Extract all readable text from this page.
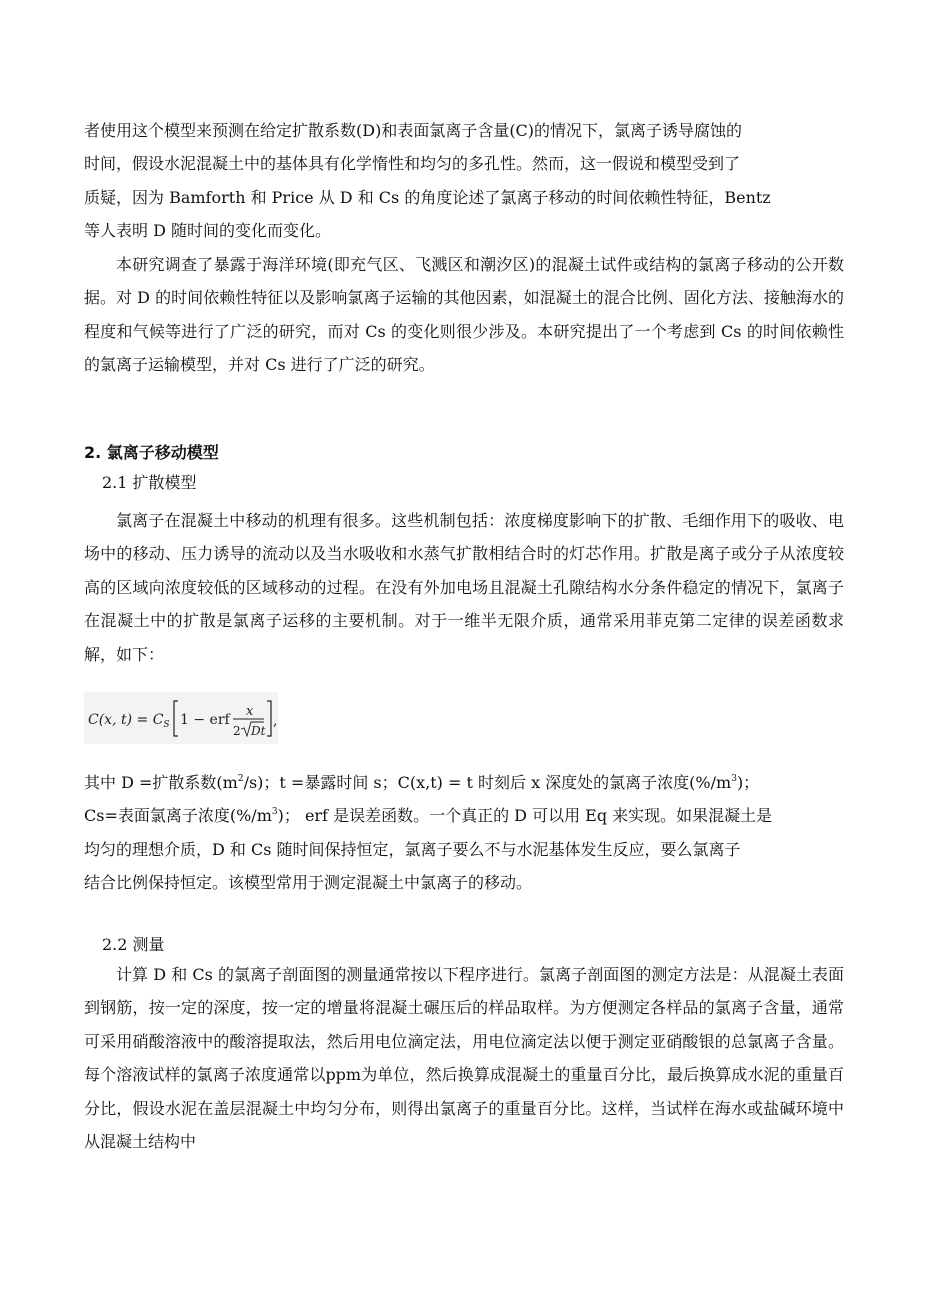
者使用这个模型来预测在给定扩散系数(D)和表面氯离子含量(C)的情况下，氯离子诱导腐蚀的

时间，假设水泥混凝土中的基体具有化学惰性和均匀的多孔性。然而，这一假说和模型受到了

质疑，因为 Bamforth 和 Price 从 D 和 Cs 的角度论述了氯离子移动的时间依赖性特征，Bentz

等人表明 D 随时间的变化而变化。

本研究调查了暴露于海洋环境(即充气区、飞溅区和潮汐区)的混凝土试件或结构的氯离子移动的公开数据。对 D 的时间依赖性特征以及影响氯离子运输的其他因素，如混凝土的混合比例、固化方法、接触海水的程度和气候等进行了广泛的研究，而对 Cs 的变化则很少涉及。本研究提出了一个考虑到 Cs 的时间依赖性的氯离子运输模型，并对 Cs 进行了广泛的研究。

2. 氯离子移动模型
2.1 扩散模型

氯离子在混凝土中移动的机理有很多。这些机制包括：浓度梯度影响下的扩散、毛细作用下的吸收、电场中的移动、压力诱导的流动以及当水吸收和水蒸气扩散相结合时的灯芯作用。扩散是离子或分子从浓度较高的区域向浓度较低的区域移动的过程。在没有外加电场且混凝土孔隙结构水分条件稳定的情况下，氯离子在混凝土中的扩散是氯离子运移的主要机制。对于一维半无限介质，通常采用菲克第二定律的误差函数求解，如下：

C(x, $t) = C_S$ 1 − erf
x
2 Dt
,

其中 D =扩散系数$(m^2/s)$；t =暴露时间 s；C(x,t) = t 时刻后 x 深度处的氯离子浓度$(\%/m^3)$；

Cs=表面氯离子浓度$(\%/m^3)$； erf 是误差函数。一个真正的 D 可以用 Eq 来实现。如果混凝土是

均匀的理想介质，D 和 Cs 随时间保持恒定，氯离子要么不与水泥基体发生反应，要么氯离子

结合比例保持恒定。该模型常用于测定混凝土中氯离子的移动。

2.2 测量

计算 D 和 Cs 的氯离子剖面图的测量通常按以下程序进行。氯离子剖面图的测定方法是：从混凝土表面到钢筋，按一定的深度，按一定的增量将混凝土碾压后的样品取样。为方便测定各样品的氯离子含量，通常可采用硝酸溶液中的酸溶提取法，然后用电位滴定法，用电位滴定法以便于测定亚硝酸银的总氯离子含量。每个溶液试样的氯离子浓度通常以ppm为单位，然后换算成混凝土的重量百分比，最后换算成水泥的重量百分比，假设水泥在盖层混凝土中均匀分布，则得出氯离子的重量百分比。这样，当试样在海水或盐碱环境中从混凝土结构中
